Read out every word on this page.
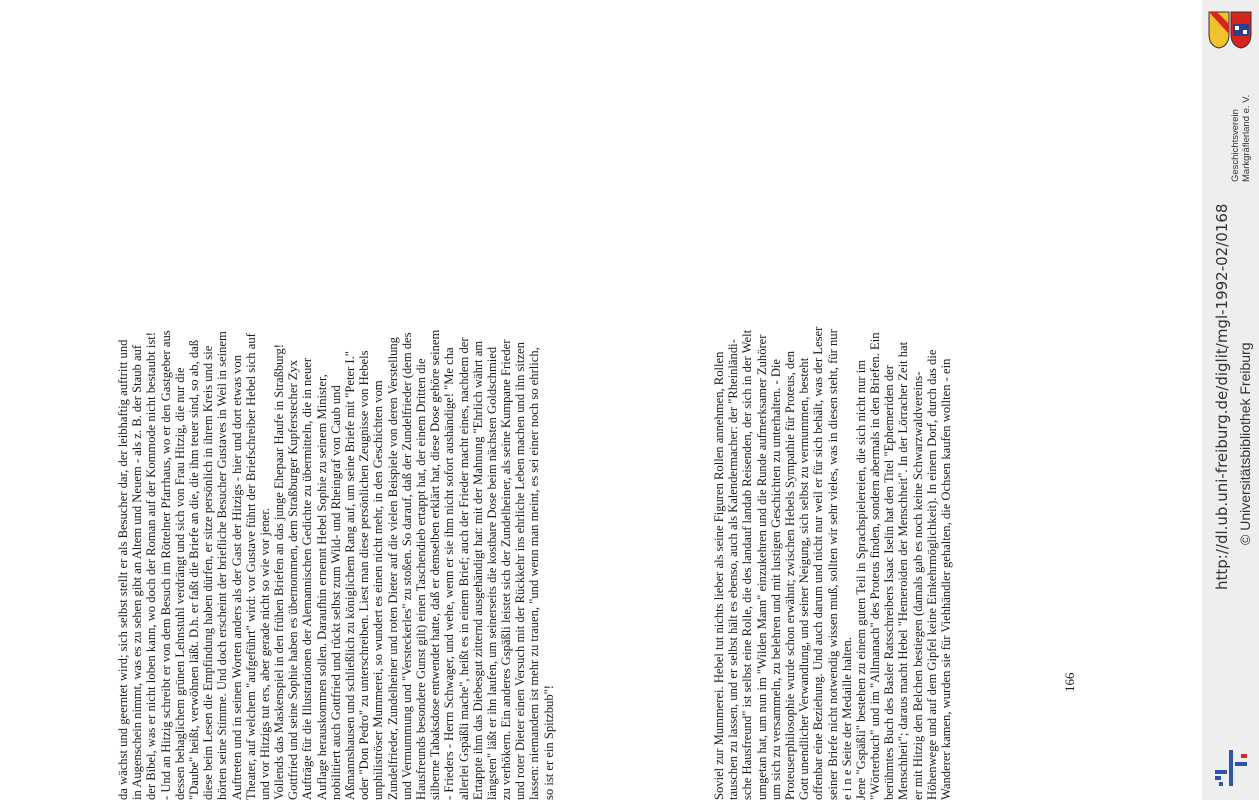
da wächst und geerntet wird; sich selbst stellt er als Besucher dar, der leibhaftig auftritt und in Augenschein nimmt, was es zu sehen gibt an Altem und Neuem - als z. B. der Staub auf der Bibel, was er nicht loben kann, wo doch der Roman auf der Kommode nicht bestaubt ist! - Und an Hitzig schreibt er von dem Besuch im Röttelner Pfarrhaus, wo er den Gastgeber aus dessen behaglichem grünen Lehnstuhl verdrängt und sich von Frau Hitzig, die nur die "Daube" heißt, verwöhnen läßt. D.h. er faßt die Briefe an die, die ihm teuer sind, so ab, daß diese beim Lesen die Empfindung haben dürfen, er sitze persönlich in ihrem Kreis und sie hörten seine Stimme. Und doch erscheint der briefliche Besucher Gustaves in Weil in seinem Auftreten und in seinen Worten anders als der Gast der Hitzigs - hier und dort etwas von Theater, auf welchem "aufgeführt" wird: vor Gustave führt der Briefschreiber Hebel sich auf und vor Hitzigs tut ers, aber gerade nicht so wie vor jener. Vollends das Maskenspiel in den frühen Briefen an das junge Ehepaar Haufe in Straßburg! Gottfried und seine Sophie haben es übernommen, dem Straßburger Kupferstecher Zyx Aufträge für die Illustrationen der Alemannischen Gedichte zu übermitteln, die in neuer Auflage herauskommen sollen. Daraufhin ernennt Hebel Sophie zu seinem Minister, nobilitiert auch Gottfried und rückt selbst zum Wild- und Rheingraf von Caub und Aßmannshausen und schließlich zu königlichem Rang auf, um seine Briefe mit "Peter I." oder "Don Pedro" zu unterschreiben. Liest man diese persönlichen Zeugnisse von Hebels unphiliströser Mummerei, so wundert es einen nicht mehr, in den Geschichten vom Zundelfrieder, Zundelheiner und roten Dieter auf die vielen Beispiele von deren Verstellung und Vermummung und "Versteckerles" zu stoßen. So darauf, daß der Zundelfrieder (dem des Hausfreunds besondere Gunst gilt) einen Taschendieb ertappt hat, der einem Dritten die silberne Tabaksdose entwendet hatte, daß er demselben erklärt hat, diese Dose gehöre seinem - Frieders - Herrn Schwager, und wehe, wenn er sie ihm nicht sofort aushändige! "Me cha allerlei Gspäßli mache", heißt es in einem Brief; auch der Frieder macht eines, nachdem der Ertappte ihm das Diebesgut zitternd ausgehändigt hat: mit der Mahnung "Ehrlich währt am längsten" läßt er ihn laufen, um seinerseits die kostbare Dose beim nächsten Goldschmied zu verhökern. Ein anderes Gspäßli leistet sich der Zundelheiner, als seine Kumpane Frieder und roter Dieter einen Versuch mit der Rückkehr ins ehrliche Leben machen und ihn sitzen lassen: niemandem ist mehr zu trauen, "und wenn man meint, es sei einer noch so ehrlich, so ist er ein Spitzbub"!	Soviel zur Mummerei. Hebel tut nichts lieber als seine Figuren Rollen annehmen, Rollen tauschen zu lassen, und er selbst hält es ebenso, auch als Kalendermacher: der "Rheinländi- sche Hausfreund" ist selbst eine Rolle, die des landauf landab Reisenden, der sich in der Welt umgetan hat, um nun im "Wilden Mann" einzukehren und die Runde aufmerksamer Zuhörer um sich zu versammeln, zu belehren und mit lustigen Geschichten zu unterhalten. - Die Proteuserphilosophie wurde schon erwähnt; zwischen Hebels Sympathie für Proteus, den Gott unendlicher Verwandlung, und seiner Neigung, sich selbst zu vermummen, besteht offenbar eine Beziehung. Und auch darum und nicht nur weil er für sich behält, was der Leser seiner Briefe nicht notwendig wissen muß, sollten wir sehr vieles, was in diesen steht, für nur e i n e Seite der Medaille halten. Jene "Gspäßli" bestehen zu einem guten Teil in Sprachspielereien, die sich nicht nur im "Wörterbuch" und im "Allmanach" des Proteus finden, sondern abermals in den Briefen. Ein berühmtes Buch des Basler Ratsschreibers Isaac Iselin hat den Titel "Ephemeriden der Menschheit"; daraus macht Hebel "Hemeroiden der Menschheit". In der Lörracher Zeit hat er mit Hitzig den Belchen bestiegen (damals gab es noch keine Schwarzwaldvereins- Höhenwege und auf dem Gipfel keine Einkehrmöglichkeit). In einem Dorf, durch das die Wanderer kamen, wurden sie für Viehhändler gehalten, die Ochsen kaufen wollten - ein	166
Geschichtsverein Markgräflerland e. V.
http://dl.ub.uni-freiburg.de/diglit/mgl-1992-02/0168 © Universitätsbibliothek Freiburg
